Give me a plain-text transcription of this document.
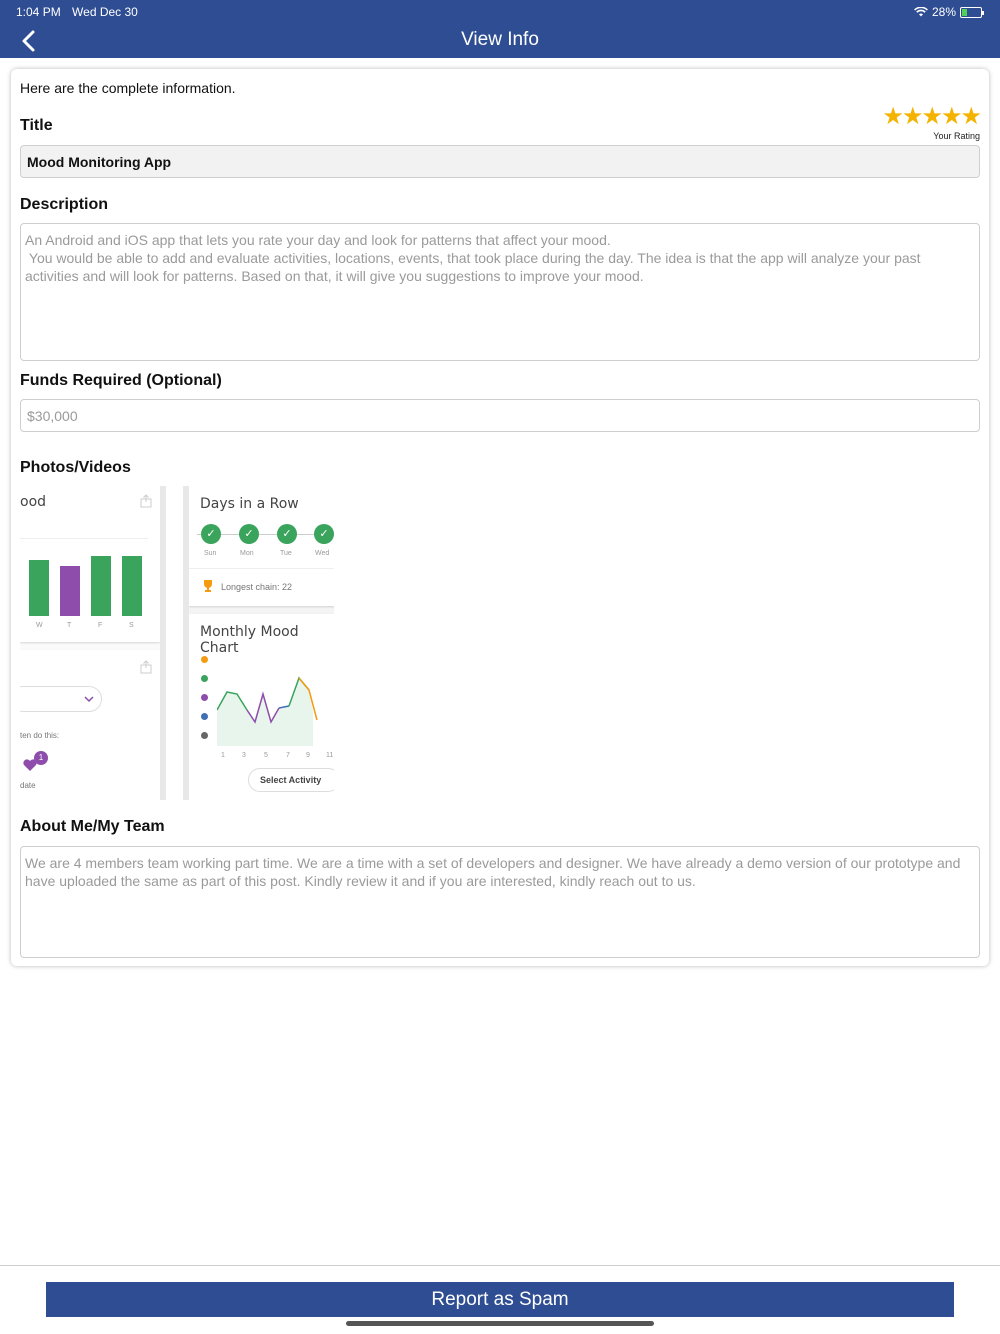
1:04 PM Wed Dec 30	28%
View Info
Here are the complete information.
★★★★★
Your Rating
Title
Mood Monitoring App
Description
An Android and iOS app that lets you rate your day and look for patterns that affect your mood.
You would be able to add and evaluate activities, locations, events, that took place during the day. The idea is that the app will analyze your past activities and will look for patterns. Based on that, it will give you suggestions to improve your mood.
Funds Required (Optional)
$30,000
Photos/Videos
ood
W	T	F	S
ten do this:
1
date
Days in a Row
✓	✓	✓	✓
Sun	Mon	Tue	Wed
Longest chain: 22
Monthly Mood Chart
1 3	5	7 9 11
Select Activity
About Me/My Team
We are 4 members team working part time. We are a time with a set of developers and designer. We have already a demo version of our prototype and have uploaded the same as part of this post. Kindly review it and if you are interested, kindly reach out to us.
Report as Spam
